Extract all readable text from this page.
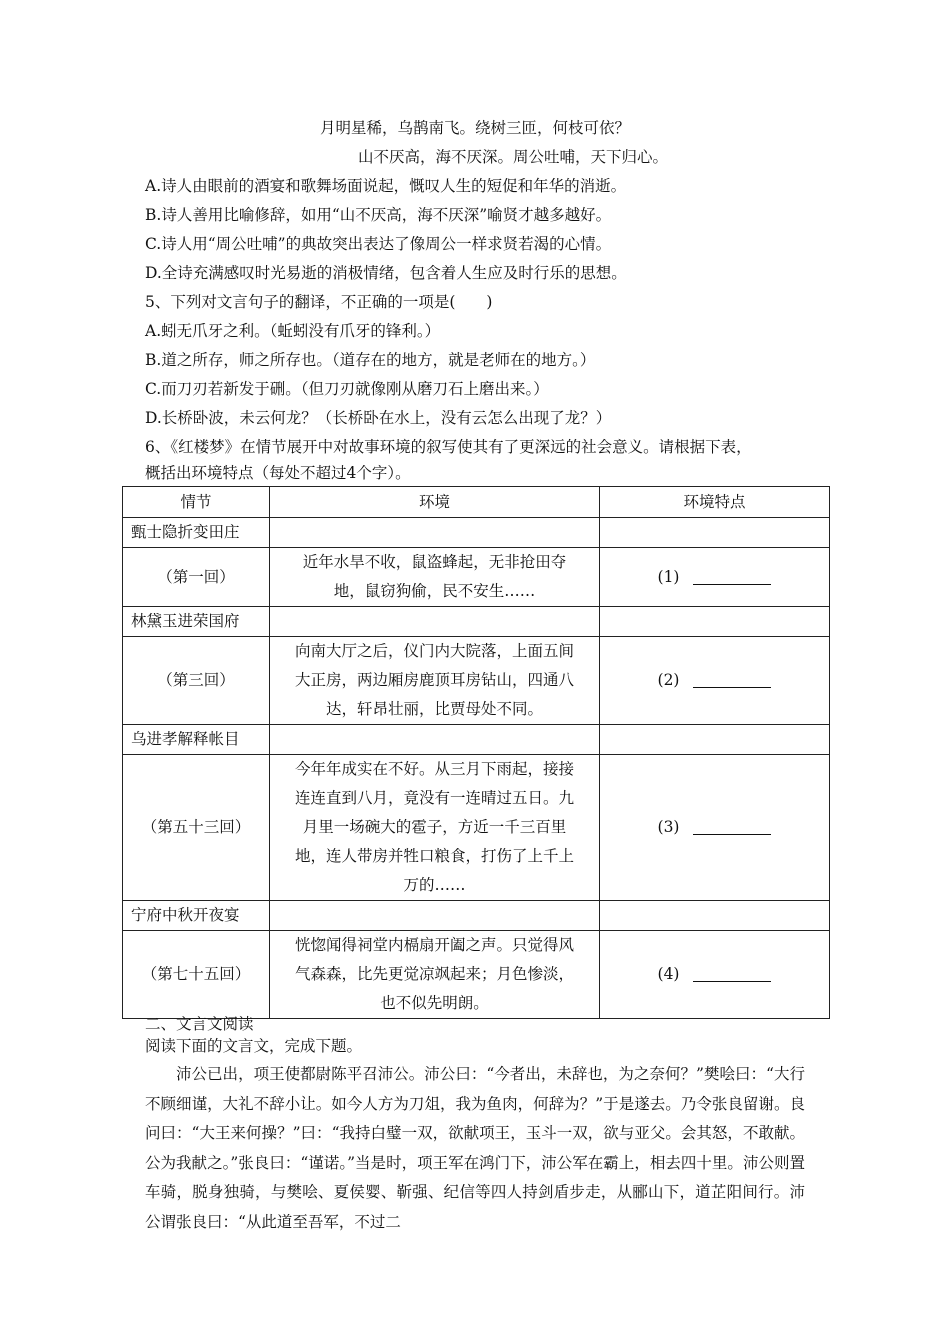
月明星稀，乌鹊南飞。绕树三匝，何枝可依？
山不厌高，海不厌深。周公吐哺，天下归心。
A.诗人由眼前的酒宴和歌舞场面说起，慨叹人生的短促和年华的消逝。
B.诗人善用比喻修辞，如用“山不厌高，海不厌深”喻贤才越多越好。
C.诗人用“周公吐哺”的典故突出表达了像周公一样求贤若渴的心情。
D.全诗充满感叹时光易逝的消极情绪，包含着人生应及时行乐的思想。
5、下列对文言句子的翻译，不正确的一项是(　　)
A.蚓无爪牙之利。（蚯蚓没有爪牙的锋利。）
B.道之所存，师之所存也。（道存在的地方，就是老师在的地方。）
C.而刀刃若新发于硎。（但刀刃就像刚从磨刀石上磨出来。）
D.长桥卧波，未云何龙？（长桥卧在水上，没有云怎么出现了龙？）
6、《红楼梦》在情节展开中对故事环境的叙写使其有了更深远的社会意义。请根据下表，
概括出环境特点（每处不超过4个字）。
情节	环境	环境特点
甄士隐折变田庄		
（第一回）	近年水旱不收，鼠盗蜂起，无非抢田夺
地，鼠窃狗偷，民不安生……	(1)
林黛玉进荣国府		
（第三回）	向南大厅之后，仪门内大院落，上面五间
大正房，两边厢房鹿顶耳房钻山，四通八
达，轩昂壮丽，比贾母处不同。	(2)
乌进孝解释帐目		
（第五十三回）	今年年成实在不好。从三月下雨起，接接
连连直到八月，竟没有一连晴过五日。九
月里一场碗大的雹子，方近一千三百里
地，连人带房并牲口粮食，打伤了上千上
万的……	(3)
宁府中秋开夜宴		
（第七十五回）	恍惚闻得祠堂内槅扇开阖之声。只觉得风
气森森，比先更觉凉飒起来；月色惨淡，
也不似先明朗。	(4)
二、文言文阅读
阅读下面的文言文，完成下题。
沛公已出，项王使都尉陈平召沛公。沛公曰：“今者出，未辞也，为之奈何？”樊哙曰：“大行不顾细谨，大礼不辞小让。如今人方为刀俎，我为鱼肉，何辞为？”于是遂去。乃令张良留谢。良问曰：“大王来何操？”曰：“我持白璧一双，欲献项王，玉斗一双，欲与亚父。会其怒，不敢献。公为我献之。”张良曰：“谨诺。”当是时，项王军在鸿门下，沛公军在霸上，相去四十里。沛公则置车骑，脱身独骑，与樊哙、夏侯婴、靳强、纪信等四人持剑盾步走，从郦山下，道芷阳间行。沛公谓张良曰：“从此道至吾军，不过二
